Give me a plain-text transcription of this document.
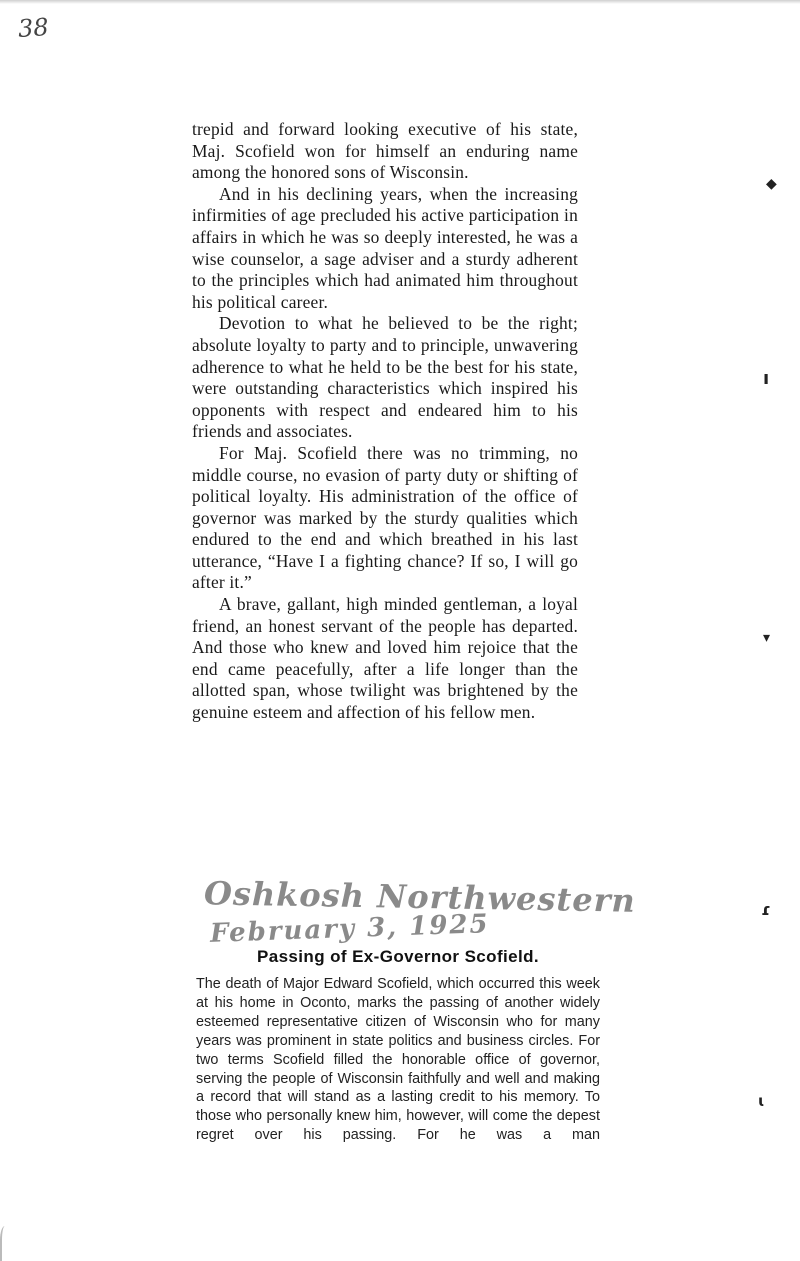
38

trepid and forward looking executive of his state, Maj. Scofield won for himself an enduring name among the honored sons of Wisconsin.

And in his declining years, when the increasing infirmities of age precluded his active participation in affairs in which he was so deeply interested, he was a wise counselor, a sage adviser and a sturdy adherent to the principles which had animated him throughout his political career.

Devotion to what he believed to be the right; absolute loyalty to party and to principle, unwavering adherence to what he held to be the best for his state, were outstanding characteristics which inspired his opponents with respect and endeared him to his friends and associates.

For Maj. Scofield there was no trimming, no middle course, no evasion of party duty or shifting of political loyalty. His administration of the office of governor was marked by the sturdy qualities which endured to the end and which breathed in his last utterance, “Have I a fighting chance? If so, I will go after it.”

A brave, gallant, high minded gentleman, a loyal friend, an honest servant of the people has departed. And those who knew and loved him rejoice that the end came peacefully, after a life longer than the allotted span, whose twilight was brightened by the genuine esteem and affection of his fellow men.

Oshkosh Northwestern
February 3, 1925
Passing of Ex-Governor Scofield.

The death of Major Edward Scofield, which occurred this week at his home in Oconto, marks the passing of another widely esteemed representative citizen of Wisconsin who for many years was prominent in state politics and business circles. For two terms Scofield filled the honorable office of governor, serving the people of Wisconsin faithfully and well and making a record that will stand as a lasting credit to his memory. To those who personally knew him, however, will come the depest regret over his passing. For he was a man

◆
ı
▾
ɾ
ɩ
